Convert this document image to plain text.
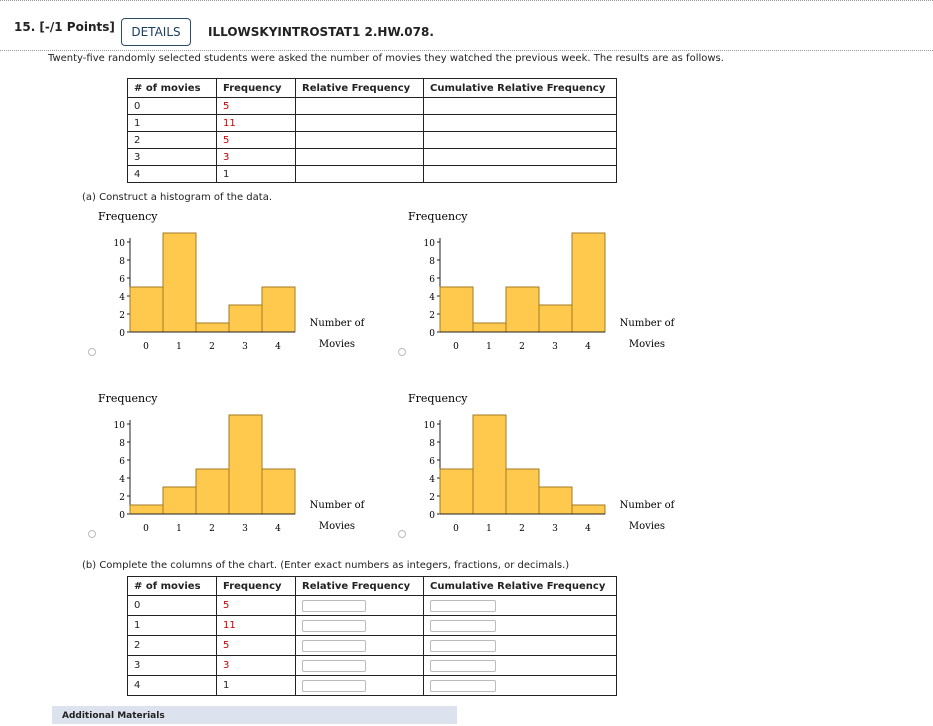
15. [-/1 Points]	DETAILS	ILLOWSKYINTROSTAT1 2.HW.078.
Twenty-five randomly selected students were asked the number of movies they watched the previous week. The results are as follows.
# of movies	Frequency	Relative Frequency	Cumulative Relative Frequency
0	5		
1	11		
2	5		
3	3		
4	1		
(a) Construct a histogram of the data.
Frequency
0
2
4
6
8
10
0	1	2	3	4
Number of
Movies
Frequency
0
2
4
6
8
10
0	1	2	3	4
Number of
Movies
Frequency
0
2
4
6
8
10
0	1	2	3	4
Number of
Movies
Frequency
0
2
4
6
8
10
0	1	2	3	4
Number of
Movies
(b) Complete the columns of the chart. (Enter exact numbers as integers, fractions, or decimals.)
# of movies	Frequency	Relative Frequency	Cumulative Relative Frequency
0	5	

1	11	

2	5	

3	3	

4	1	

Additional Materials
